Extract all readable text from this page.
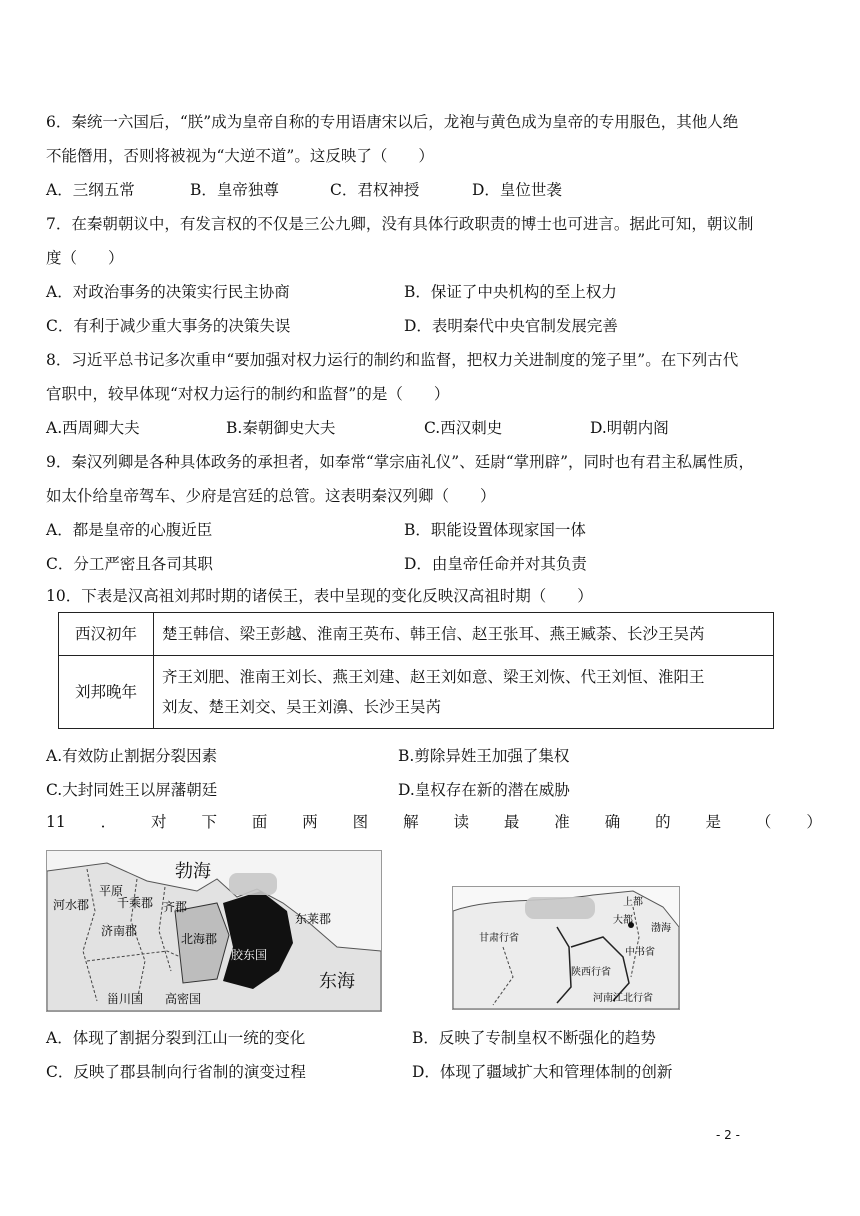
6．秦统一六国后，“朕”成为皇帝自称的专用语唐宋以后，龙袍与黄色成为皇帝的专用服色，其他人绝
不能僭用，否则将被视为“大逆不道”。这反映了（　　）
A．三纲五常	B．皇帝独尊	C．君权神授	D．皇位世袭
7．在秦朝朝议中，有发言权的不仅是三公九卿，没有具体行政职责的博士也可进言。据此可知，朝议制
度（　　）
A．对政治事务的决策实行民主协商	B．保证了中央机构的至上权力
C．有利于减少重大事务的决策失误	D．表明秦代中央官制发展完善
8．习近平总书记多次重申“要加强对权力运行的制约和监督，把权力关进制度的笼子里”。在下列古代
官职中，较早体现“对权力运行的制约和监督”的是（　　）
A.西周卿大夫	B.秦朝御史大夫	C.西汉刺史	D.明朝内阁
9．秦汉列卿是各种具体政务的承担者，如奉常“掌宗庙礼仪”、廷尉“掌刑辟”，同时也有君主私属性质，
如太仆给皇帝驾车、少府是宫廷的总管。这表明秦汉列卿（　　）
A．都是皇帝的心腹近臣	B．职能设置体现家国一体
C．分工严密且各司其职	D．由皇帝任命并对其负责
10．下表是汉高祖刘邦时期的诸侯王，表中呈现的变化反映汉高祖时期（　　）
西汉初年	楚王韩信、梁王彭越、淮南王英布、韩王信、赵王张耳、燕王臧荼、长沙王吴芮
刘邦晚年	齐王刘肥、淮南王刘长、燕王刘建、赵王刘如意、梁王刘恢、代王刘恒、淮阳王
刘友、楚王刘交、吴王刘濞、长沙王吴芮
A.有效防止割据分裂因素	B.剪除异姓王加强了集权
C.大封同姓王以屏藩朝廷	D.皇权存在新的潜在威胁
11 ． 对 下 面 两 图 解 读 最 准 确 的 是 （ ）
勃海
东海
平原
河水郡
济南郡
千乘郡 齐郡
北海郡
胶东国
东莱郡
甾川国 高密国
甘肃行省
陕西行省
河南江北行省
中书省
上都
大都
渤海
A．体现了割据分裂到江山一统的变化	B．反映了专制皇权不断强化的趋势
C．反映了郡县制向行省制的演变过程	D．体现了疆域扩大和管理体制的创新
- 2 -
